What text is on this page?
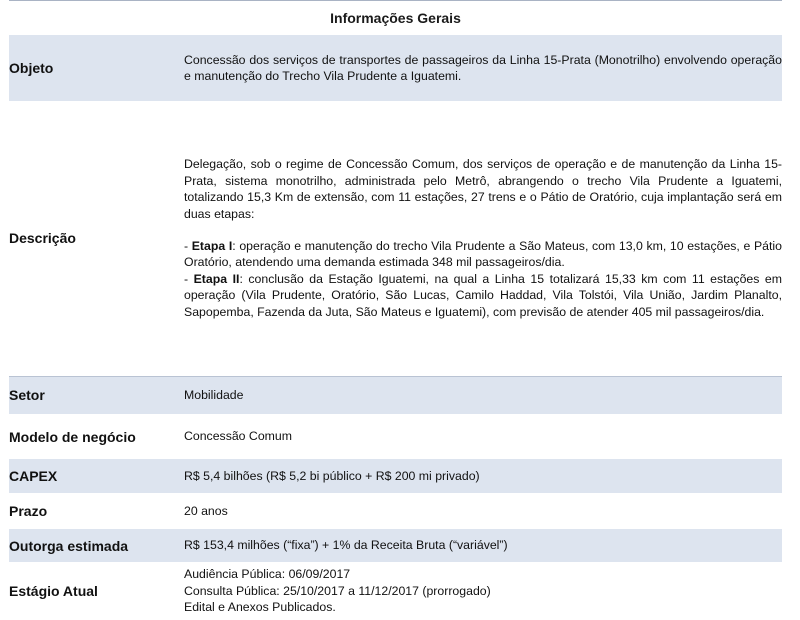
Informações Gerais
Objeto	Concessão dos serviços de transportes de passageiros da Linha 15-Prata (Monotrilho) envolvendo operação e manutenção do Trecho Vila Prudente a Iguatemi.
Descrição	Delegação, sob o regime de Concessão Comum, dos serviços de operação e de manutenção da Linha 15-Prata, sistema monotrilho, administrada pelo Metrô, abrangendo o trecho Vila Prudente a Iguatemi, totalizando 15,3 Km de extensão, com 11 estações, 27 trens e o Pátio de Oratório, cuja implantação será em duas etapas:
- Etapa I: operação e manutenção do trecho Vila Prudente a São Mateus, com 13,0 km, 10 estações, e Pátio Oratório, atendendo uma demanda estimada 348 mil passageiros/dia.
- Etapa II: conclusão da Estação Iguatemi, na qual a Linha 15 totalizará 15,33 km com 11 estações em operação (Vila Prudente, Oratório, São Lucas, Camilo Haddad, Vila Tolstói, Vila União, Jardim Planalto, Sapopemba, Fazenda da Juta, São Mateus e Iguatemi), com previsão de atender 405 mil passageiros/dia.

Setor	Mobilidade
Modelo de negócio	Concessão Comum
CAPEX	R$ 5,4 bilhões (R$ 5,2 bi público + R$ 200 mi privado)
Prazo	20 anos
Outorga estimada	R$ 153,4 milhões (“fixa”) + 1% da Receita Bruta (“variável”)
Estágio Atual	Audiência Pública: 06/09/2017
Consulta Pública: 25/10/2017 a 11/12/2017 (prorrogado)
Edital e Anexos Publicados.
